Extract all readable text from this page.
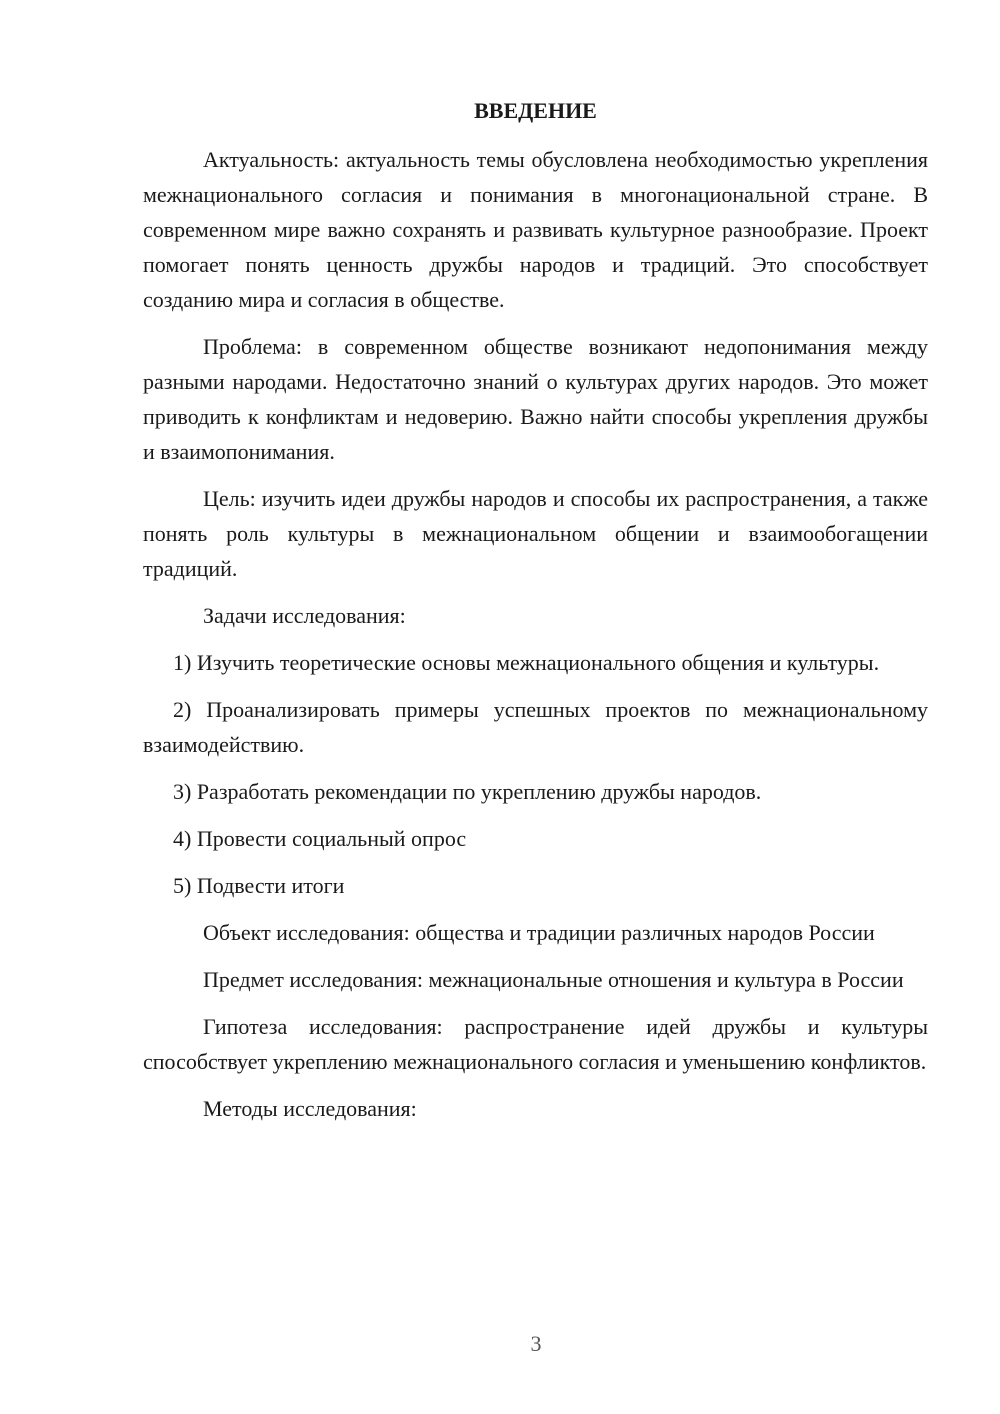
ВВЕДЕНИЕ

Актуальность: актуальность темы обусловлена необходимостью укрепления межнационального согласия и понимания в многонациональной стране. В современном мире важно сохранять и развивать культурное разнообразие. Проект помогает понять ценность дружбы народов и традиций. Это способствует созданию мира и согласия в обществе.

Проблема: в современном обществе возникают недопонимания между разными народами. Недостаточно знаний о культурах других народов. Это может приводить к конфликтам и недоверию. Важно найти способы укрепления дружбы и взаимопонимания.

Цель: изучить идеи дружбы народов и способы их распространения, а также понять роль культуры в межнациональном общении и взаимообогащении традиций.

Задачи исследования:

1) Изучить теоретические основы межнационального общения и культуры.

2) Проанализировать примеры успешных проектов по межнациональному взаимодействию.

3) Разработать рекомендации по укреплению дружбы народов.

4) Провести социальный опрос

5) Подвести итоги

Объект исследования: общества и традиции различных народов России

Предмет исследования: межнациональные отношения и культура в России

Гипотеза исследования: распространение идей дружбы и культуры способствует укреплению межнационального согласия и уменьшению конфликтов.

Методы исследования:

3
